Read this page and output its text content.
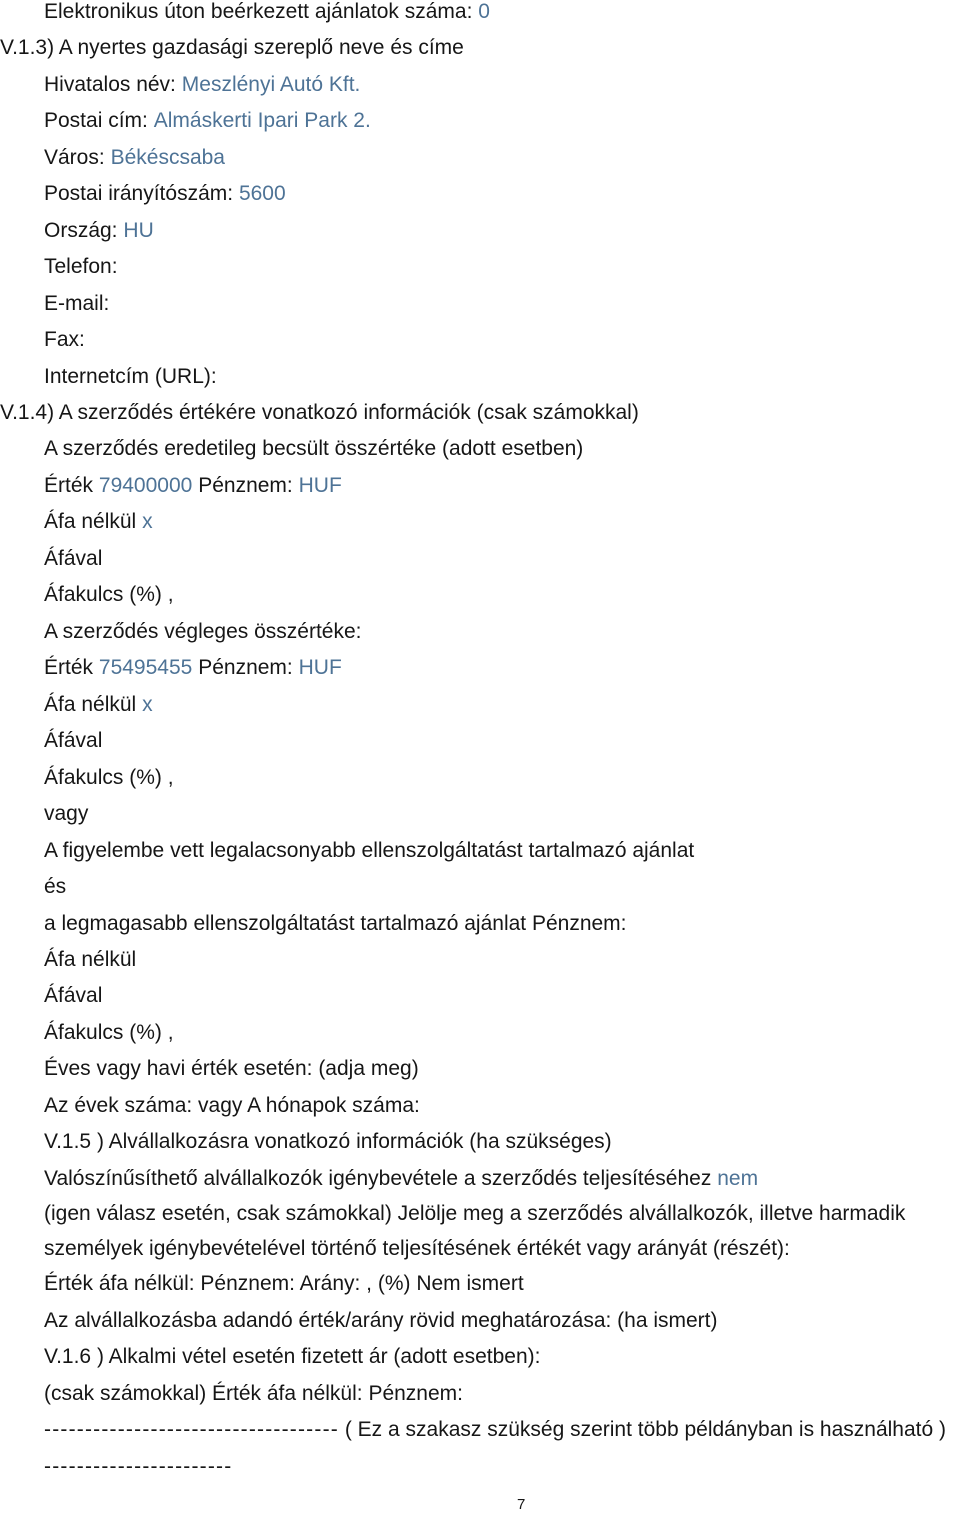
Elektronikus úton beérkezett ajánlatok száma: 0
V.1.3) A nyertes gazdasági szereplő neve és címe
Hivatalos név: Meszlényi Autó Kft.
Postai cím: Almáskerti Ipari Park 2.
Város: Békéscsaba
Postai irányítószám: 5600
Ország: HU
Telefon:
E-mail:
Fax:
Internetcím (URL):
V.1.4) A szerződés értékére vonatkozó információk (csak számokkal)
A szerződés eredetileg becsült összértéke (adott esetben)
Érték 79400000 Pénznem: HUF
Áfa nélkül x
Áfával
Áfakulcs (%) ,
A szerződés végleges összértéke:
Érték 75495455 Pénznem: HUF
Áfa nélkül x
Áfával
Áfakulcs (%) ,
vagy
A figyelembe vett legalacsonyabb ellenszolgáltatást tartalmazó ajánlat
és
a legmagasabb ellenszolgáltatást tartalmazó ajánlat Pénznem:
Áfa nélkül
Áfával
Áfakulcs (%) ,
Éves vagy havi érték esetén: (adja meg)
Az évek száma: vagy A hónapok száma:
V.1.5 ) Alvállalkozásra vonatkozó információk (ha szükséges)
Valószínűsíthető alvállalkozók igénybevétele a szerződés teljesítéséhez nem
(igen válasz esetén, csak számokkal) Jelölje meg a szerződés alvállalkozók, illetve harmadik
személyek igénybevételével történő teljesítésének értékét vagy arányát (részét):
Érték áfa nélkül: Pénznem: Arány: , (%) Nem ismert
Az alvállalkozásba adandó érték/arány rövid meghatározása: (ha ismert)
V.1.6 ) Alkalmi vétel esetén fizetett ár (adott esetben):
(csak számokkal) Érték áfa nélkül: Pénznem:
------------------------------------ ( Ez a szakasz szükség szerint több példányban is használható )
-----------------------
7
